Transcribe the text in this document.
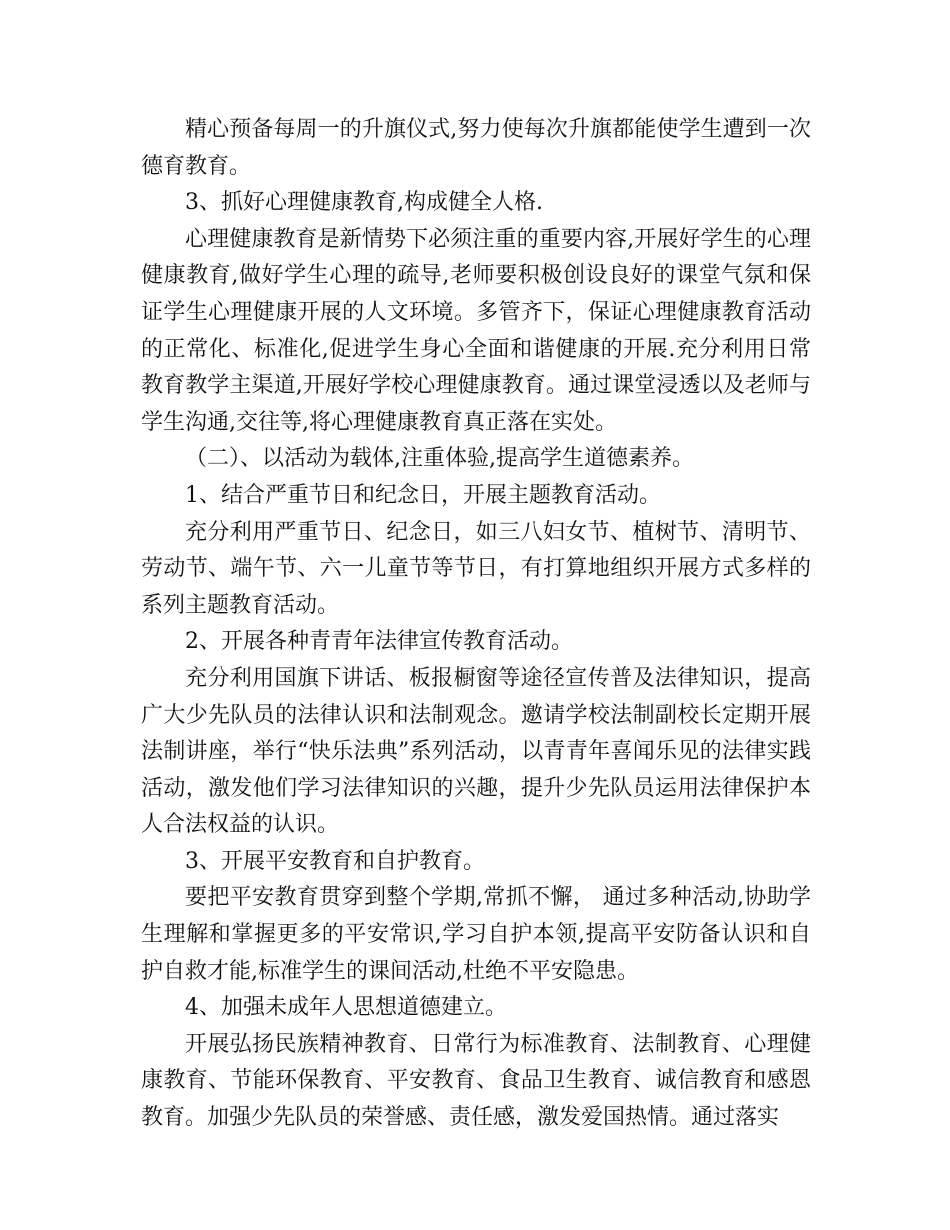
精心预备每周一的升旗仪式,努力使每次升旗都能使学生遭到一次德育教育。

3、抓好心理健康教育,构成健全人格.

心理健康教育是新情势下必须注重的重要内容,开展好学生的心理健康教育,做好学生心理的疏导,老师要积极创设良好的课堂气氛和保证学生心理健康开展的人文环境。多管齐下，保证心理健康教育活动的正常化、标准化,促进学生身心全面和谐健康的开展.充分利用日常教育教学主渠道,开展好学校心理健康教育。通过课堂浸透以及老师与学生沟通,交往等,将心理健康教育真正落在实处。

（二）、以活动为载体,注重体验,提高学生道德素养。

1、结合严重节日和纪念日，开展主题教育活动。

充分利用严重节日、纪念日，如三八妇女节、植树节、清明节、劳动节、端午节、六一儿童节等节日，有打算地组织开展方式多样的系列主题教育活动。

2、开展各种青青年法律宣传教育活动。

充分利用国旗下讲话、板报橱窗等途径宣传普及法律知识，提高广大少先队员的法律认识和法制观念。邀请学校法制副校长定期开展法制讲座，举行“快乐法典”系列活动，以青青年喜闻乐见的法律实践活动，激发他们学习法律知识的兴趣，提升少先队员运用法律保护本人合法权益的认识。

3、开展平安教育和自护教育。

要把平安教育贯穿到整个学期,常抓不懈， 通过多种活动,协助学生理解和掌握更多的平安常识,学习自护本领,提高平安防备认识和自护自救才能,标准学生的课间活动,杜绝不平安隐患。

4、加强未成年人思想道德建立。

开展弘扬民族精神教育、日常行为标准教育、法制教育、心理健康教育、节能环保教育、平安教育、食品卫生教育、诚信教育和感恩教育。加强少先队员的荣誉感、责任感，激发爱国热情。通过落实
